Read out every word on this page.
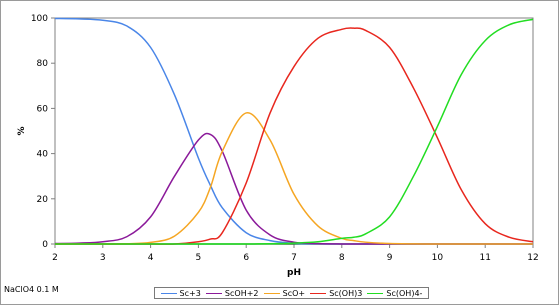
0
20
40
60
80
100
2	3	4	5	6	7	8	9	10	11	12
pH
%
NaClO4 0.1 M	Sc+3	ScOH+2	ScO+	Sc(OH)3	Sc(OH)4-
